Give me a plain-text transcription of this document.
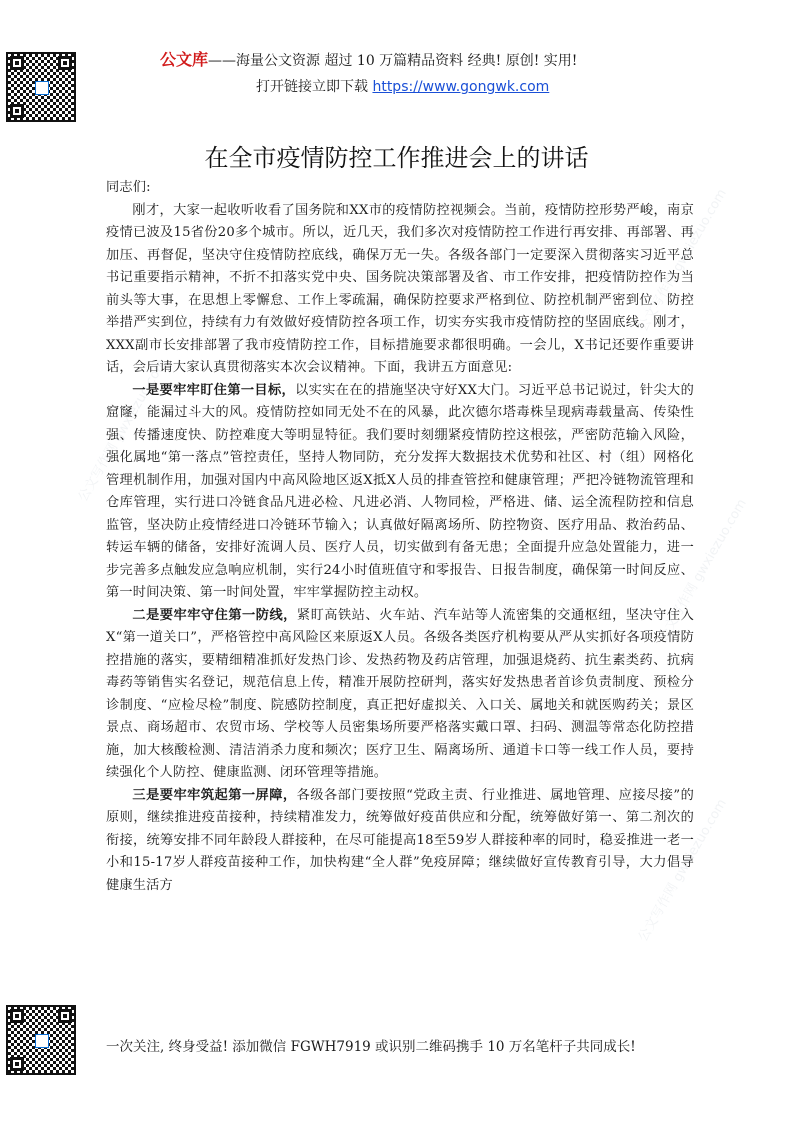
公文库——海量公文资源 超过 10 万篇精品资料 经典! 原创! 实用!
打开链接立即下载 https://www.gongwk.com
在全市疫情防控工作推进会上的讲话

同志们:

刚才，大家一起收听收看了国务院和XX市的疫情防控视频会。当前，疫情防控形势严峻，南京疫情已波及15省份20多个城市。所以，近几天，我们多次对疫情防控工作进行再安排、再部署、再加压、再督促，坚决守住疫情防控底线，确保万无一失。各级各部门一定要深入贯彻落实习近平总书记重要指示精神，不折不扣落实党中央、国务院决策部署及省、市工作安排，把疫情防控作为当前头等大事，在思想上零懈怠、工作上零疏漏，确保防控要求严格到位、防控机制严密到位、防控举措严实到位，持续有力有效做好疫情防控各项工作，切实夯实我市疫情防控的坚固底线。刚才，XXX副市长安排部署了我市疫情防控工作，目标措施要求都很明确。一会儿，X书记还要作重要讲话，会后请大家认真贯彻落实本次会议精神。下面，我讲五方面意见:

一是要牢牢盯住第一目标，以实实在在的措施坚决守好XX大门。习近平总书记说过，针尖大的窟窿，能漏过斗大的风。疫情防控如同无处不在的风暴，此次德尔塔毒株呈现病毒载量高、传染性强、传播速度快、防控难度大等明显特征。我们要时刻绷紧疫情防控这根弦，严密防范输入风险，强化属地“第一落点”管控责任，坚持人物同防，充分发挥大数据技术优势和社区、村（组）网格化管理机制作用，加强对国内中高风险地区返X抵X人员的排查管控和健康管理；严把冷链物流管理和仓库管理，实行进口冷链食品凡进必检、凡进必消、人物同检，严格进、储、运全流程防控和信息监管，坚决防止疫情经进口冷链环节输入；认真做好隔离场所、防控物资、医疗用品、救治药品、转运车辆的储备，安排好流调人员、医疗人员，切实做到有备无患；全面提升应急处置能力，进一步完善多点触发应急响应机制，实行24小时值班值守和零报告、日报告制度，确保第一时间反应、第一时间决策、第一时间处置，牢牢掌握防控主动权。

二是要牢牢守住第一防线，紧盯高铁站、火车站、汽车站等人流密集的交通枢纽，坚决守住入X“第一道关口”，严格管控中高风险区来原返X人员。各级各类医疗机构要从严从实抓好各项疫情防控措施的落实，要精细精准抓好发热门诊、发热药物及药店管理，加强退烧药、抗生素类药、抗病毒药等销售实名登记，规范信息上传，精准开展防控研判，落实好发热患者首诊负责制度、预检分诊制度、“应检尽检”制度、院感防控制度，真正把好虚拟关、入口关、属地关和就医购药关；景区景点、商场超市、农贸市场、学校等人员密集场所要严格落实戴口罩、扫码、测温等常态化防控措施，加大核酸检测、清洁消杀力度和频次；医疗卫生、隔离场所、通道卡口等一线工作人员，要持续强化个人防控、健康监测、闭环管理等措施。

三是要牢牢筑起第一屏障，各级各部门要按照“党政主责、行业推进、属地管理、应接尽接”的原则，继续推进疫苗接种，持续精准发力，统筹做好疫苗供应和分配，统筹做好第一、第二剂次的衔接，统筹安排不同年龄段人群接种，在尽可能提高18至59岁人群接种率的同时，稳妥推进一老一小和15-17岁人群疫苗接种工作，加快构建“全人群”免疫屏障；继续做好宣传教育引导，大力倡导健康生活方

一次关注, 终身受益! 添加微信 FGWH7919 或识别二维码携手 10 万名笔杆子共同成长!
公文写作网 gwxiezuo.com
公文写作网 gwxiezuo.com
公文写作网 gwxiezuo.com
公文写作网 gwxiezuo.com
